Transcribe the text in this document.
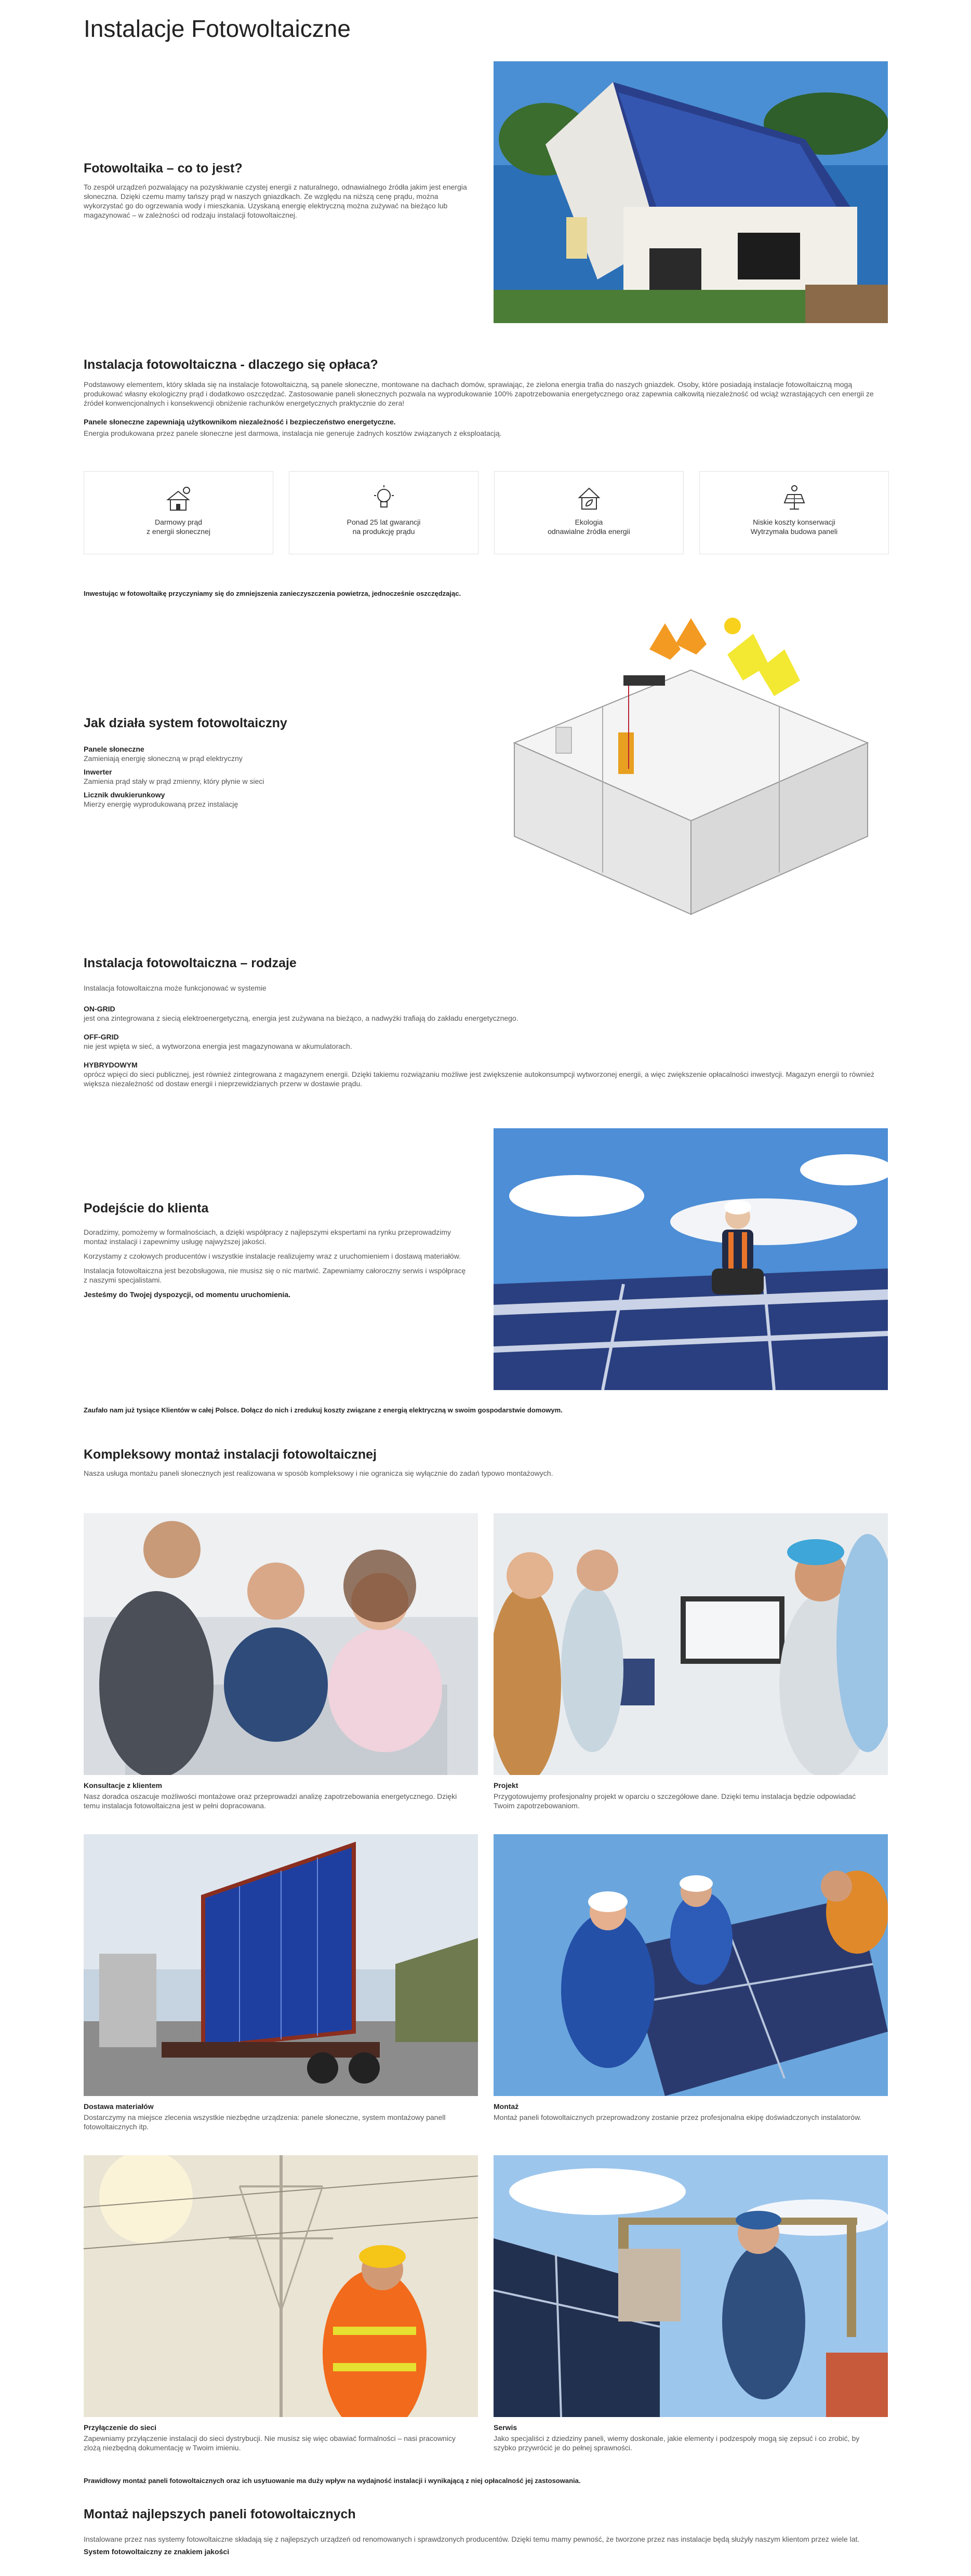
Instalacje Fotowoltaiczne
Fotowoltaika – co to jest?

To zespół urządzeń pozwalający na pozyskiwanie czystej energii z naturalnego, odnawialnego źródła jakim jest energia słoneczna. Dzięki czemu mamy tańszy prąd w naszych gniazdkach. Ze względu na niższą cenę prądu, można wykorzystać go do ogrzewania wody i mieszkania. Uzyskaną energię elektryczną można zużywać na bieżąco lub magazynować – w zależności od rodzaju instalacji fotowoltaicznej.

Instalacja fotowoltaiczna - dlaczego się opłaca?

Podstawowy elementem, który składa się na instalacje fotowoltaiczną, są panele słoneczne, montowane na dachach domów, sprawiając, że zielona energia trafia do naszych gniazdek. Osoby, które posiadają instalacje fotowoltaiczną mogą produkować własny ekologiczny prąd i dodatkowo oszczędzać. Zastosowanie paneli słonecznych pozwala na wyprodukowanie 100% zapotrzebowania energetycznego oraz zapewnia całkowitą niezależność od wciąż wzrastających cen energii ze źródeł konwencjonalnych i konsekwencji obniżenie rachunków energetycznych praktycznie do zera!

Panele słoneczne zapewniają użytkownikom niezależność i bezpieczeństwo energetyczne.

Energia produkowana przez panele słoneczne jest darmowa, instalacja nie generuje żadnych kosztów związanych z eksploatacją.

Darmowy prąd
z energii słonecznej
Ponad 25 lat gwarancji
na produkcję prądu
Ekologia
odnawialne źródła energii
Niskie koszty konserwacji
Wytrzymała budowa paneli

Inwestując w fotowoltaikę przyczyniamy się do zmniejszenia zanieczyszczenia powietrza, jednocześnie oszczędzając.

Jak działa system fotowoltaiczny

Panele słoneczne

Zamieniają energię słoneczną w prąd elektryczny

Inwerter

Zamienia prąd stały w prąd zmienny, który płynie w sieci

Licznik dwukierunkowy

Mierzy energię wyprodukowaną przez instalację

Instalacja fotowoltaiczna – rodzaje

Instalacja fotowoltaiczna może funkcjonować w systemie

ON-GRID

jest ona zintegrowana z siecią elektroenergetyczną, energia jest zużywana na bieżąco, a nadwyżki trafiają do zakładu energetycznego.

OFF-GRID

nie jest wpięta w sieć, a wytworzona energia jest magazynowana w akumulatorach.

HYBRYDOWYM

oprócz wpięci do sieci publicznej, jest również zintegrowana z magazynem energii. Dzięki takiemu rozwiązaniu możliwe jest zwiększenie autokonsumpcji wytworzonej energii, a więc zwiększenie opłacalności inwestycji. Magazyn energii to również większa niezależność od dostaw energii i nieprzewidzianych przerw w dostawie prądu.

Podejście do klienta

Doradzimy, pomożemy w formalnościach, a dzięki współpracy z najlepszymi ekspertami na rynku przeprowadzimy montaż instalacji i zapewnimy usługę najwyższej jakości.

Korzystamy z czołowych producentów i wszystkie instalacje realizujemy wraz z uruchomieniem i dostawą materiałów.

Instalacja fotowoltaiczna jest bezobsługowa, nie musisz się o nic martwić. Zapewniamy całoroczny serwis i współpracę z naszymi specjalistami.

Jesteśmy do Twojej dyspozycji, od momentu uruchomienia.

Zaufało nam już tysiące Klientów w całej Polsce. Dołącz do nich i zredukuj koszty związane z energią elektryczną w swoim gospodarstwie domowym.

Kompleksowy montaż instalacji fotowoltaicznej

Nasza usługa montażu paneli słonecznych jest realizowana w sposób kompleksowy i nie ogranicza się wyłącznie do zadań typowo montażowych.

Konsultacje z klientem

Nasz doradca oszacuje możliwości montażowe oraz przeprowadzi analizę zapotrzebowania energetycznego. Dzięki temu instalacja fotowoltaiczna jest w pełni dopracowana.

Projekt

Przygotowujemy profesjonalny projekt w oparciu o szczegółowe dane. Dzięki temu instalacja będzie odpowiadać Twoim zapotrzebowaniom.

Dostawa materiałów

Dostarczymy na miejsce zlecenia wszystkie niezbędne urządzenia: panele słoneczne, system montażowy panell fotowoltaicznych itp.

Montaż

Montaż paneli fotowoltaicznych przeprowadzony zostanie przez profesjonalna ekipę doświadczonych instalatorów.

Przyłączenie do sieci

Zapewniamy przyłączenie instalacji do sieci dystrybucji. Nie musisz się więc obawiać formalności – nasi pracownicy zlożą niezbędną dokumentację w Twoim imieniu.

Serwis

Jako specjaliści z dziedziny paneli, wiemy doskonale, jakie elementy i podzespoły mogą się zepsuć i co zrobić, by szybko przywrócić je do pełnej sprawności.

Prawidłowy montaż paneli fotowoltaicznych oraz ich usytuowanie ma duży wpływ na wydajność instalacji i wynikającą z niej opłacalność jej zastosowania.

Montaż najlepszych paneli fotowoltaicznych

Instalowane przez nas systemy fotowoltaiczne składają się z najlepszych urządzeń od renomowanych i sprawdzonych producentów. Dzięki temu mamy pewność, że tworzone przez nas instalacje będą służyły naszym klientom przez wiele lat.

System fotowoltaiczny ze znakiem jakości
